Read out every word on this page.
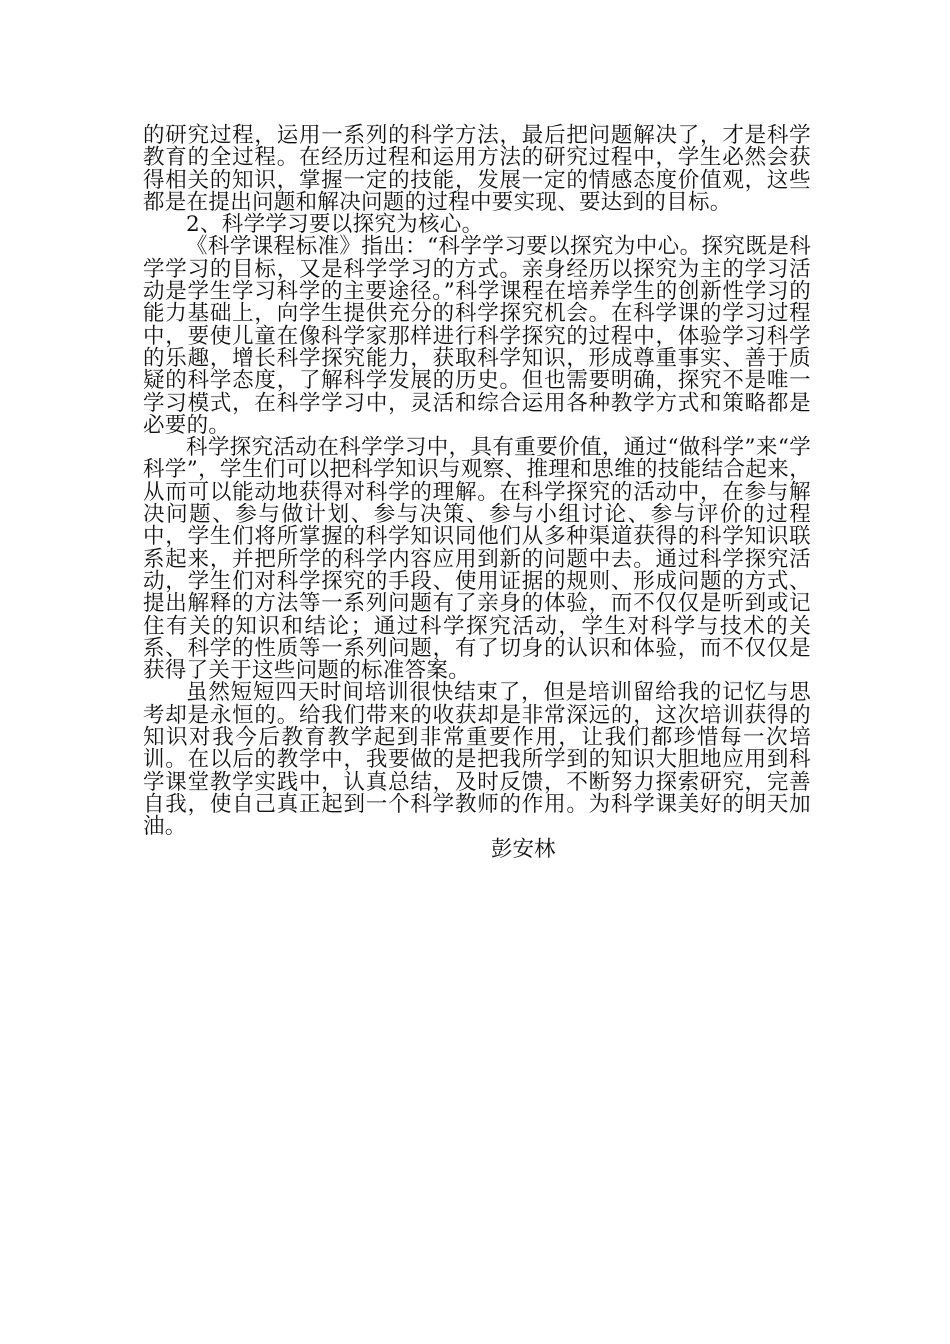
的研究过程，运用一系列的科学方法，最后把问题解决了，才是科学教育的全过程。在经历过程和运用方法的研究过程中，学生必然会获得相关的知识，掌握一定的技能，发展一定的情感态度价值观，这些都是在提出问题和解决问题的过程中要实现、要达到的目标。

2、科学学习要以探究为核心。

《科学课程标准》指出：“科学学习要以探究为中心。探究既是科学学习的目标，又是科学学习的方式。亲身经历以探究为主的学习活动是学生学习科学的主要途径。”科学课程在培养学生的创新性学习的能力基础上，向学生提供充分的科学探究机会。在科学课的学习过程中，要使儿童在像科学家那样进行科学探究的过程中，体验学习科学的乐趣，增长科学探究能力，获取科学知识，形成尊重事实、善于质疑的科学态度，了解科学发展的历史。但也需要明确，探究不是唯一学习模式，在科学学习中，灵活和综合运用各种教学方式和策略都是必要的。

科学探究活动在科学学习中，具有重要价值，通过“做科学”来“学科学”，学生们可以把科学知识与观察、推理和思维的技能结合起来，从而可以能动地获得对科学的理解。在科学探究的活动中，在参与解决问题、参与做计划、参与决策、参与小组讨论、参与评价的过程中，学生们将所掌握的科学知识同他们从多种渠道获得的科学知识联系起来，并把所学的科学内容应用到新的问题中去。通过科学探究活动，学生们对科学探究的手段、使用证据的规则、形成问题的方式、提出解释的方法等一系列问题有了亲身的体验，而不仅仅是听到或记住有关的知识和结论；通过科学探究活动，学生对科学与技术的关系、科学的性质等一系列问题，有了切身的认识和体验，而不仅仅是获得了关于这些问题的标准答案。

虽然短短四天时间培训很快结束了，但是培训留给我的记忆与思考却是永恒的。给我们带来的收获却是非常深远的，这次培训获得的知识对我今后教育教学起到非常重要作用，让我们都珍惜每一次培训。在以后的教学中，我要做的是把我所学到的知识大胆地应用到科学课堂教学实践中，认真总结，及时反馈，不断努力探索研究，完善自我，使自己真正起到一个科学教师的作用。为科学课美好的明天加油。

彭安林
